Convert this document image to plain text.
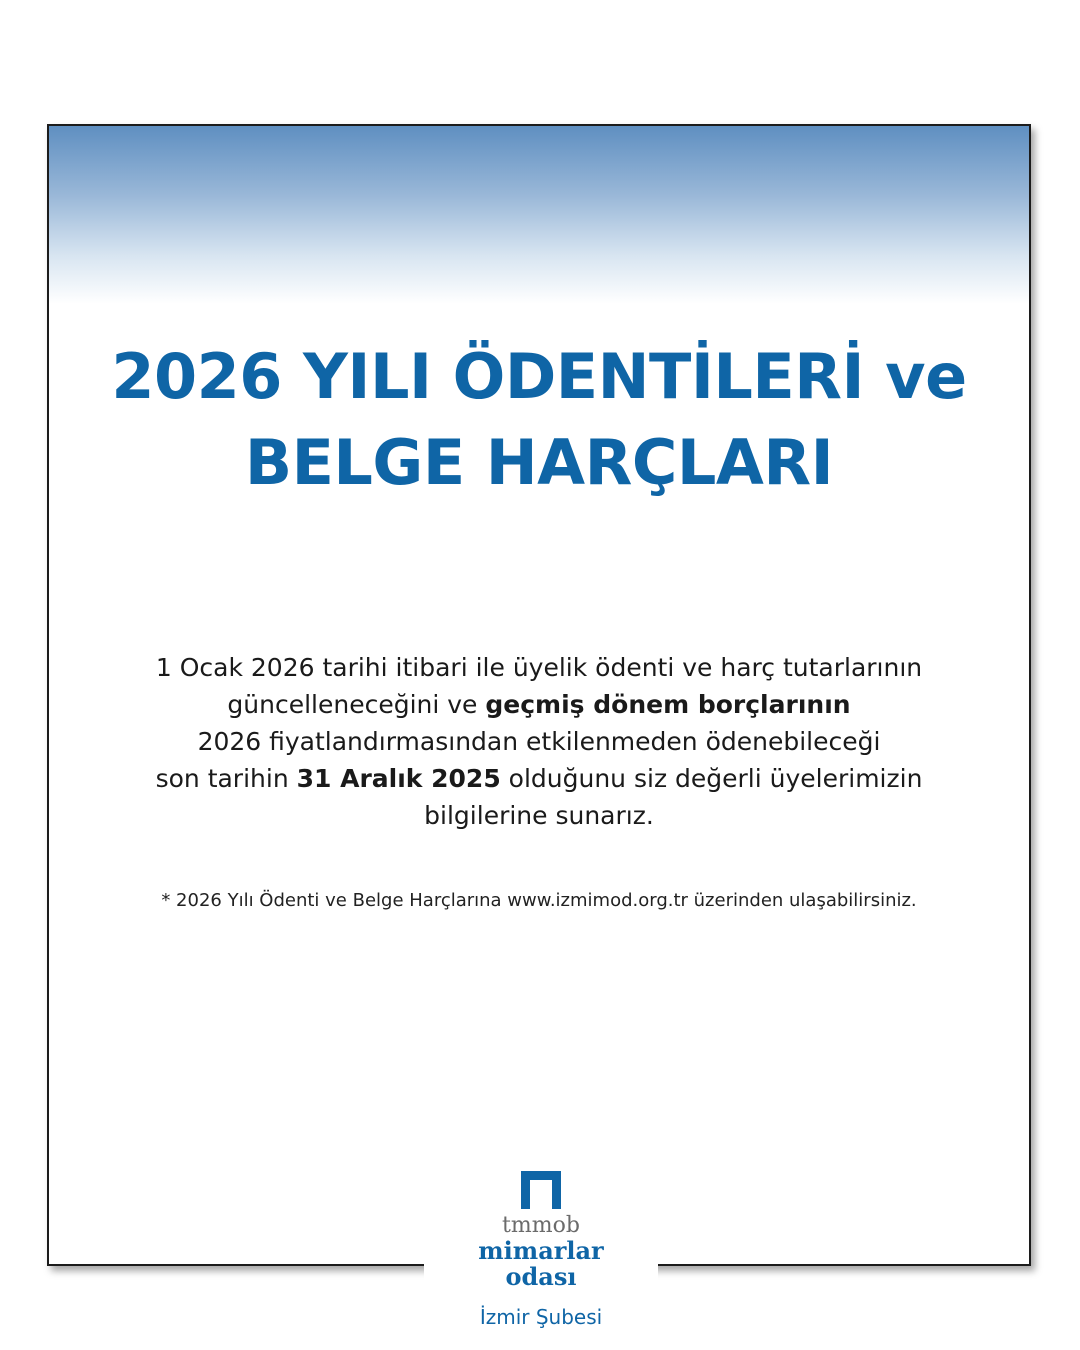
2026 YILI ÖDENTİLERİ ve
BELGE HARÇLARI
1 Ocak 2026 tarihi itibari ile üyelik ödenti ve harç tutarlarının
güncelleneceğini ve geçmiş dönem borçlarının
2026 fiyatlandırmasından etkilenmeden ödenebileceği
son tarihin 31 Aralık 2025 olduğunu siz değerli üyelerimizin
bilgilerine sunarız.
* 2026 Yılı Ödenti ve Belge Harçlarına www.izmimod.org.tr üzerinden ulaşabilirsiniz.
tmmob
mimarlar
odası
İzmir Şubesi
